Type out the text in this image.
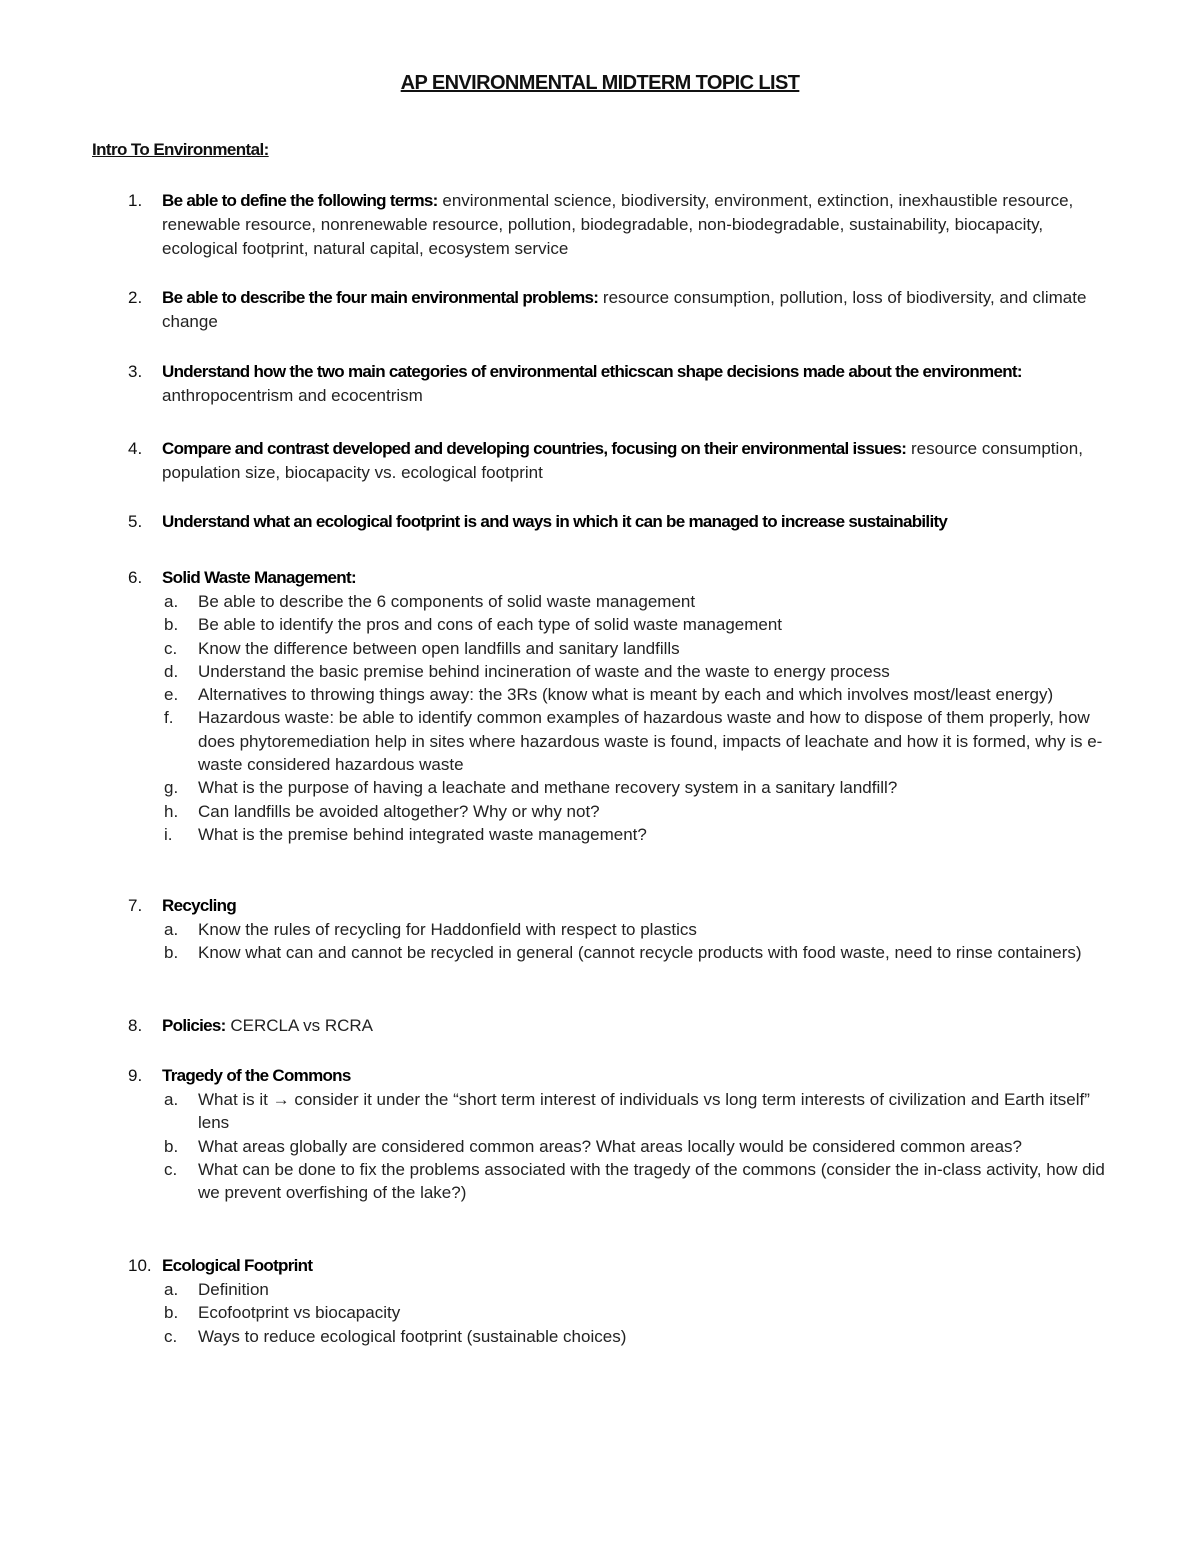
AP ENVIRONMENTAL MIDTERM TOPIC LIST
Intro To Environmental:
1.	Be able to define the following terms: environmental science, biodiversity, environment, extinction, inexhaustible resource, renewable resource, nonrenewable resource, pollution, biodegradable, non-biodegradable, sustainability, biocapacity, ecological footprint, natural capital, ecosystem service
2.	Be able to describe the four main environmental problems: resource consumption, pollution, loss of biodiversity, and climate change
3.	Understand how the two main categories of environmental ethicscan shape decisions made about the environment: anthropocentrism and ecocentrism
4.	Compare and contrast developed and developing countries, focusing on their environmental issues: resource consumption, population size, biocapacity vs. ecological footprint
5.	Understand what an ecological footprint is and ways in which it can be managed to increase sustainability
6.	Solid Waste Management:
a. Be able to describe the 6 components of solid waste management
b. Be able to identify the pros and cons of each type of solid waste management
c. Know the difference between open landfills and sanitary landfills
d. Understand the basic premise behind incineration of waste and the waste to energy process
e. Alternatives to throwing things away: the 3Rs (know what is meant by each and which involves most/least energy)
f. Hazardous waste: be able to identify common examples of hazardous waste and how to dispose of them properly, how does phytoremediation help in sites where hazardous waste is found, impacts of leachate and how it is formed, why is e-waste considered hazardous waste
g. What is the purpose of having a leachate and methane recovery system in a sanitary landfill?
h. Can landfills be avoided altogether? Why or why not?
i. What is the premise behind integrated waste management?
7.	Recycling
a. Know the rules of recycling for Haddonfield with respect to plastics
b. Know what can and cannot be recycled in general (cannot recycle products with food waste, need to rinse containers)
8.	Policies: CERCLA vs RCRA
9.	Tragedy of the Commons
a. What is it → consider it under the “short term interest of individuals vs long term interests of civilization and Earth itself” lens
b. What areas globally are considered common areas? What areas locally would be considered common areas?
c. What can be done to fix the problems associated with the tragedy of the commons (consider the in-class activity, how did we prevent overfishing of the lake?)
10. Ecological Footprint
a. Definition
b. Ecofootprint vs biocapacity
c. Ways to reduce ecological footprint (sustainable choices)
